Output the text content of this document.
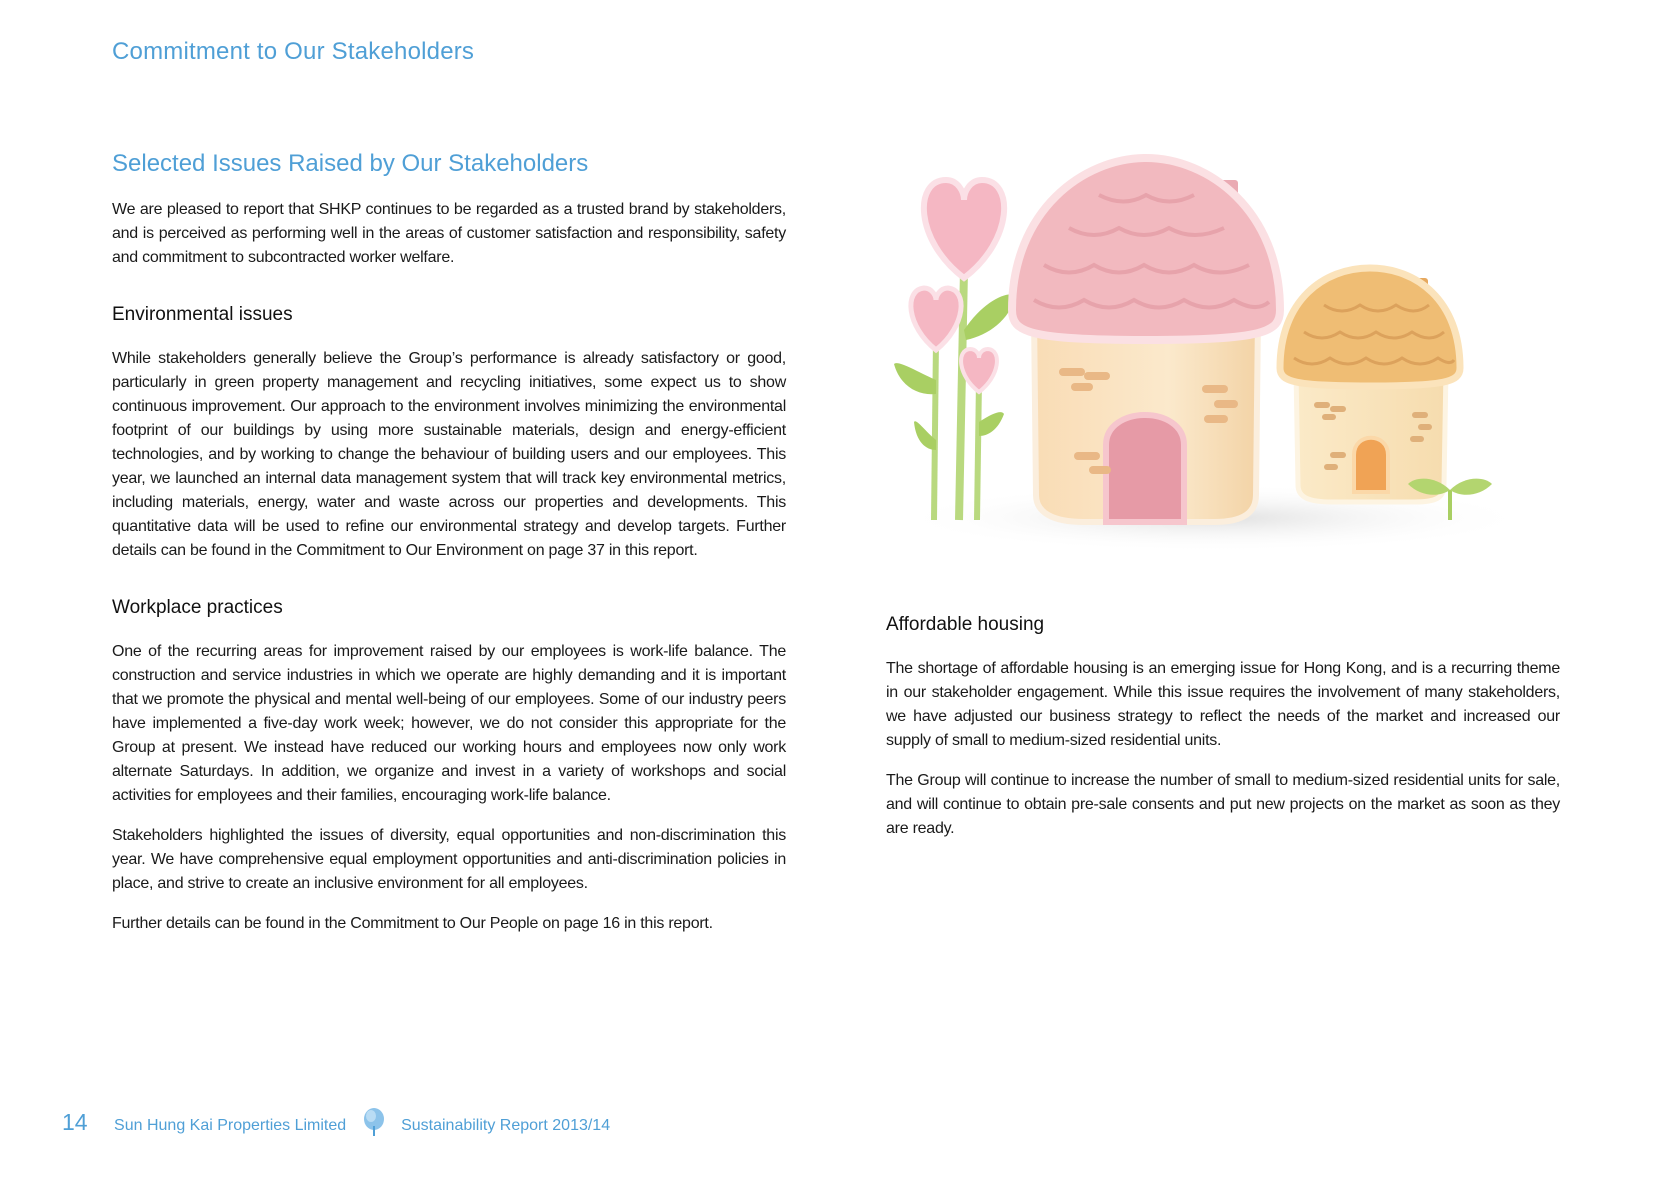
Commitment to Our Stakeholders
Selected Issues Raised by Our Stakeholders

We are pleased to report that SHKP continues to be regarded as a trusted brand by stakeholders, and is perceived as performing well in the areas of customer satisfaction and responsibility, safety and commitment to subcontracted worker welfare.

Environmental issues

While stakeholders generally believe the Group’s performance is already satisfactory or good, particularly in green property management and recycling initiatives, some expect us to show continuous improvement. Our approach to the environment involves minimizing the environmental footprint of our buildings by using more sustainable materials, design and energy-efficient technologies, and by working to change the behaviour of building users and our employees. This year, we launched an internal data management system that will track key environmental metrics, including materials, energy, water and waste across our properties and developments. This quantitative data will be used to refine our environmental strategy and develop targets. Further details can be found in the Commitment to Our Environment on page 37 in this report.

Workplace practices

One of the recurring areas for improvement raised by our employees is work-life balance. The construction and service industries in which we operate are highly demanding and it is important that we promote the physical and mental well-being of our employees. Some of our industry peers have implemented a five-day work week; however, we do not consider this appropriate for the Group at present. We instead have reduced our working hours and employees now only work alternate Saturdays. In addition, we organize and invest in a variety of workshops and social activities for employees and their families, encouraging work-life balance.

Stakeholders highlighted the issues of diversity, equal opportunities and non-discrimination this year. We have comprehensive equal employment opportunities and anti-discrimination policies in place, and strive to create an inclusive environment for all employees.

Further details can be found in the Commitment to Our People on page 16 in this report.

Affordable housing

The shortage of affordable housing is an emerging issue for Hong Kong, and is a recurring theme in our stakeholder engagement. While this issue requires the involvement of many stakeholders, we have adjusted our business strategy to reflect the needs of the market and increased our supply of small to medium-sized residential units.

The Group will continue to increase the number of small to medium-sized residential units for sale, and will continue to obtain pre-sale consents and put new projects on the market as soon as they are ready.

14 Sun Hung Kai Properties Limited	Sustainability Report 2013/14
